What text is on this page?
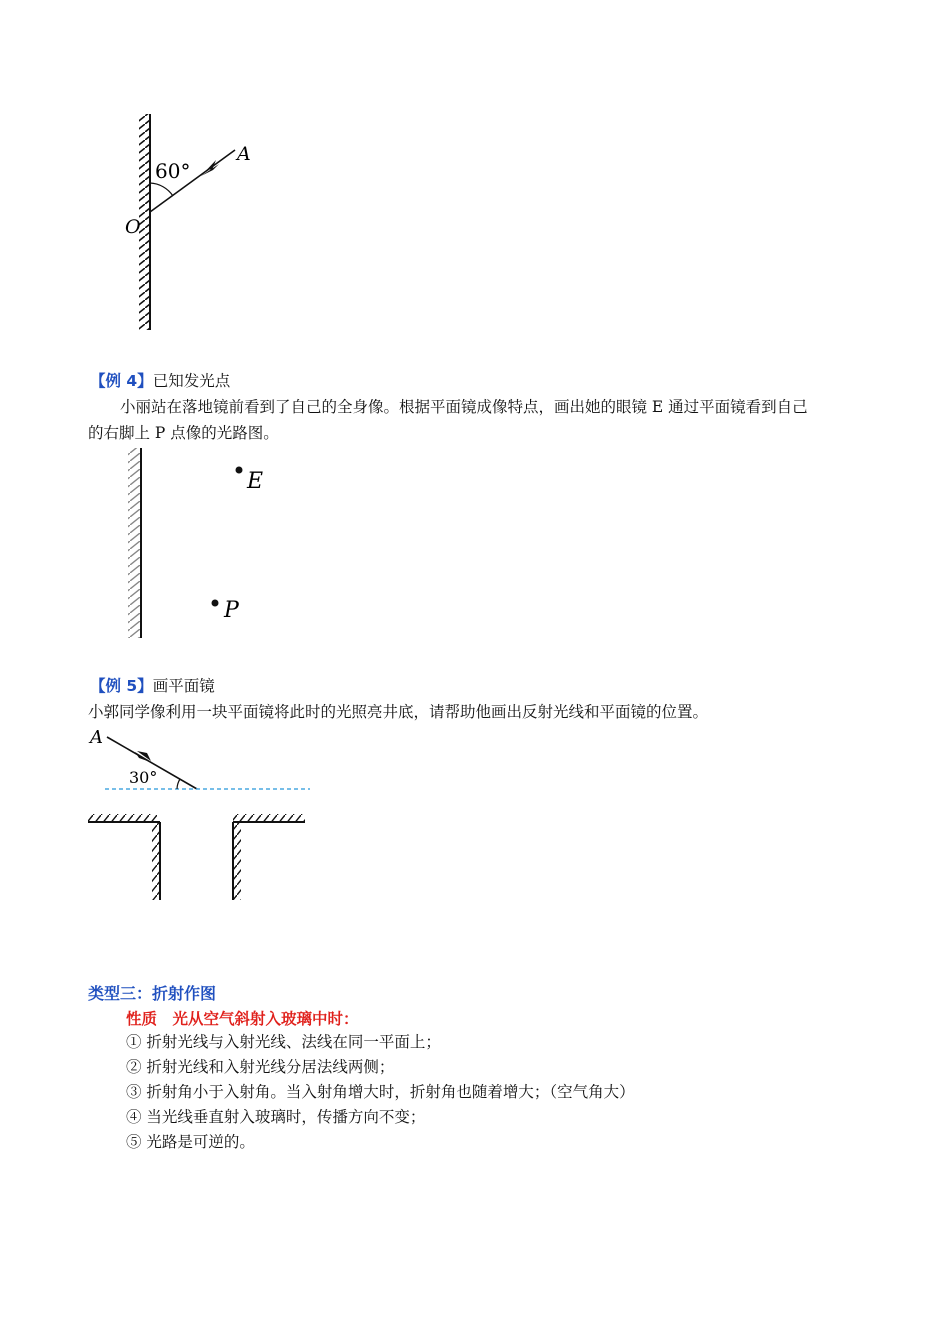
60°
A
O
【例 4】已知发光点
小丽站在落地镜前看到了自己的全身像。根据平面镜成像特点，画出她的眼镜 E 通过平面镜看到自己
的右脚上 P 点像的光路图。
E
P
【例 5】画平面镜
小郭同学像利用一块平面镜将此时的光照亮井底，请帮助他画出反射光线和平面镜的位置。
A
30°
类型三：折射作图
性质　光从空气斜射入玻璃中时：
① 折射光线与入射光线、法线在同一平面上；
② 折射光线和入射光线分居法线两侧；
③ 折射角小于入射角。当入射角增大时，折射角也随着增大；（空气角大）
④ 当光线垂直射入玻璃时，传播方向不变；
⑤ 光路是可逆的。
